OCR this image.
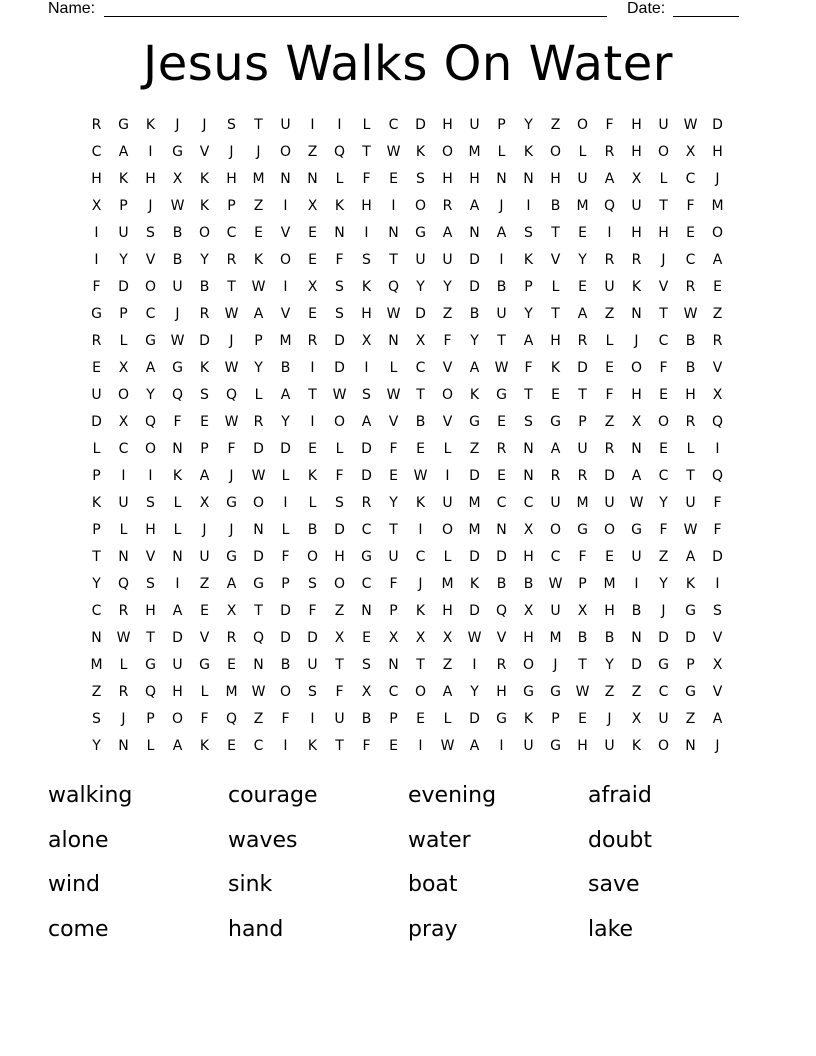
Name:	Date:
Jesus Walks On Water
R	G	K	J	J	S	T	U	I	I	L	C	D	H	U	P	Y	Z	O	F	H	U	W	D
C	A	I	G	V	J	J	O	Z	Q	T	W	K	O	M	L	K	O	L	R	H	O	X	H
H	K	H	X	K	H	M	N	N	L	F	E	S	H	H	N	N	H	U	A	X	L	C	J
X	P	J	W	K	P	Z	I	X	K	H	I	O	R	A	J	I	B	M	Q	U	T	F	M
I	U	S	B	O	C	E	V	E	N	I	N	G	A	N	A	S	T	E	I	H	H	E	O
I	Y	V	B	Y	R	K	O	E	F	S	T	U	U	D	I	K	V	Y	R	R	J	C	A
F	D	O	U	B	T	W	I	X	S	K	Q	Y	Y	D	B	P	L	E	U	K	V	R	E
G	P	C	J	R	W	A	V	E	S	H	W	D	Z	B	U	Y	T	A	Z	N	T	W	Z
R	L	G	W	D	J	P	M	R	D	X	N	X	F	Y	T	A	H	R	L	J	C	B	R
E	X	A	G	K	W	Y	B	I	D	I	L	C	V	A	W	F	K	D	E	O	F	B	V
U	O	Y	Q	S	Q	L	A	T	W	S	W	T	O	K	G	T	E	T	F	H	E	H	X
D	X	Q	F	E	W	R	Y	I	O	A	V	B	V	G	E	S	G	P	Z	X	O	R	Q
L	C	O	N	P	F	D	D	E	L	D	F	E	L	Z	R	N	A	U	R	N	E	L	I
P	I	I	K	A	J	W	L	K	F	D	E	W	I	D	E	N	R	R	D	A	C	T	Q
K	U	S	L	X	G	O	I	L	S	R	Y	K	U	M	C	C	U	M	U	W	Y	U	F
P	L	H	L	J	J	N	L	B	D	C	T	I	O	M	N	X	O	G	O	G	F	W	F
T	N	V	N	U	G	D	F	O	H	G	U	C	L	D	D	H	C	F	E	U	Z	A	D
Y	Q	S	I	Z	A	G	P	S	O	C	F	J	M	K	B	B	W	P	M	I	Y	K	I
C	R	H	A	E	X	T	D	F	Z	N	P	K	H	D	Q	X	U	X	H	B	J	G	S
N	W	T	D	V	R	Q	D	D	X	E	X	X	X	W	V	H	M	B	B	N	D	D	V
M	L	G	U	G	E	N	B	U	T	S	N	T	Z	I	R	O	J	T	Y	D	G	P	X
Z	R	Q	H	L	M	W	O	S	F	X	C	O	A	Y	H	G	G	W	Z	Z	C	G	V
S	J	P	O	F	Q	Z	F	I	U	B	P	E	L	D	G	K	P	E	J	X	U	Z	A
Y	N	L	A	K	E	C	I	K	T	F	E	I	W	A	I	U	G	H	U	K	O	N	J
walking	courage	evening	afraid
alone	waves	water	doubt
wind	sink	boat	save
come	hand	pray	lake
